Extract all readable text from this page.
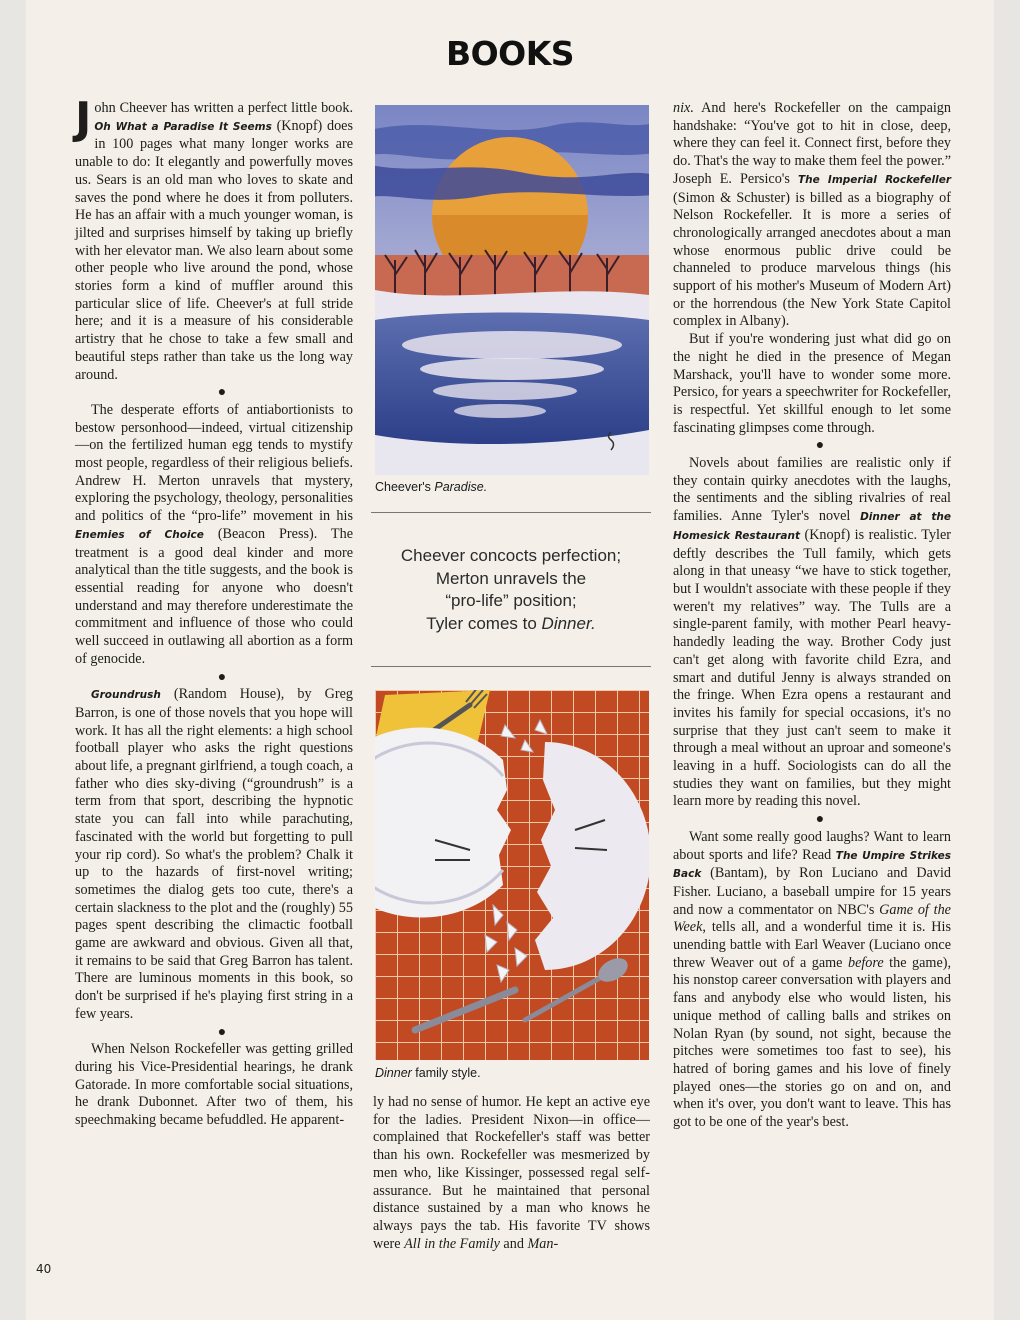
BOOKS

John Cheever has written a perfect little book. Oh What a Paradise It Seems (Knopf) does in 100 pages what many longer works are unable to do: It elegantly and powerfully moves us. Sears is an old man who loves to skate and saves the pond where he does it from polluters. He has an affair with a much younger woman, is jilted and surprises himself by taking up briefly with her elevator man. We also learn about some other people who live around the pond, whose stories form a kind of muffler around this particular slice of life. Cheever's at full stride here; and it is a measure of his considerable artistry that he chose to take a few small and beautiful steps rather than take us the long way around.

●

The desperate efforts of antiabortionists to bestow personhood—indeed, virtual citizenship—on the fertilized human egg tends to mystify most people, regardless of their religious beliefs. Andrew H. Merton unravels that mystery, exploring the psychology, theology, personalities and politics of the “pro-life” movement in his Enemies of Choice (Beacon Press). The treatment is a good deal kinder and more analytical than the title suggests, and the book is essential reading for anyone who doesn't understand and may therefore underestimate the commitment and influence of those who could well succeed in outlawing all abortion as a form of genocide.

●

Groundrush (Random House), by Greg Barron, is one of those novels that you hope will work. It has all the right elements: a high school football player who asks the right questions about life, a pregnant girlfriend, a tough coach, a father who dies sky-diving (“groundrush” is a term from that sport, describing the hypnotic state you can fall into while parachuting, fascinated with the world but forgetting to pull your rip cord). So what's the problem? Chalk it up to the hazards of first-novel writing; sometimes the dialog gets too cute, there's a certain slackness to the plot and the (roughly) 55 pages spent describing the climactic football game are awkward and obvious. Given all that, it remains to be said that Greg Barron has talent. There are luminous moments in this book, so don't be surprised if he's playing first string in a few years.

●

When Nelson Rockefeller was getting grilled during his Vice-Presidential hearings, he drank Gatorade. In more comfortable social situations, he drank Dubonnet. After two of them, his speechmaking became befuddled. He apparent-

Cheever's Paradise.
Cheever concocts perfection;
Merton unravels the
“pro-life” position;
Tyler comes to Dinner.
Dinner family style.
ly had no sense of humor. He kept an active eye for the ladies. President Nixon—in office—complained that Rockefeller's staff was better than his own. Rockefeller was mesmerized by men who, like Kissinger, possessed regal self-assurance. But he maintained that personal distance sustained by a man who knows he always pays the tab. His favorite TV shows were All in the Family and Man-

nix. And here's Rockefeller on the campaign handshake: “You've got to hit in close, deep, where they can feel it. Connect first, before they do. That's the way to make them feel the power.” Joseph E. Persico's The Imperial Rockefeller (Simon & Schuster) is billed as a biography of Nelson Rockefeller. It is more a series of chronologically arranged anecdotes about a man whose enormous public drive could be channeled to produce marvelous things (his support of his mother's Museum of Modern Art) or the horrendous (the New York State Capitol complex in Albany).

But if you're wondering just what did go on the night he died in the presence of Megan Marshack, you'll have to wonder some more. Persico, for years a speechwriter for Rockefeller, is respectful. Yet skillful enough to let some fascinating glimpses come through.

●

Novels about families are realistic only if they contain quirky anecdotes with the laughs, the sentiments and the sibling rivalries of real families. Anne Tyler's novel Dinner at the Homesick Restaurant (Knopf) is realistic. Tyler deftly describes the Tull family, which gets along in that uneasy “we have to stick together, but I wouldn't associate with these people if they weren't my relatives” way. The Tulls are a single-parent family, with mother Pearl heavy-handedly leading the way. Brother Cody just can't get along with favorite child Ezra, and smart and dutiful Jenny is always stranded on the fringe. When Ezra opens a restaurant and invites his family for special occasions, it's no surprise that they just can't seem to make it through a meal without an uproar and someone's leaving in a huff. Sociologists can do all the studies they want on families, but they might learn more by reading this novel.

●

Want some really good laughs? Want to learn about sports and life? Read The Umpire Strikes Back (Bantam), by Ron Luciano and David Fisher. Luciano, a baseball umpire for 15 years and now a commentator on NBC's Game of the Week, tells all, and a wonderful time it is. His unending battle with Earl Weaver (Luciano once threw Weaver out of a game before the game), his nonstop career conversation with players and fans and anybody else who would listen, his unique method of calling balls and strikes on Nolan Ryan (by sound, not sight, because the pitches were sometimes too fast to see), his hatred of boring games and his love of finely played ones—the stories go on and on, and when it's over, you don't want to leave. This has got to be one of the year's best.

40
